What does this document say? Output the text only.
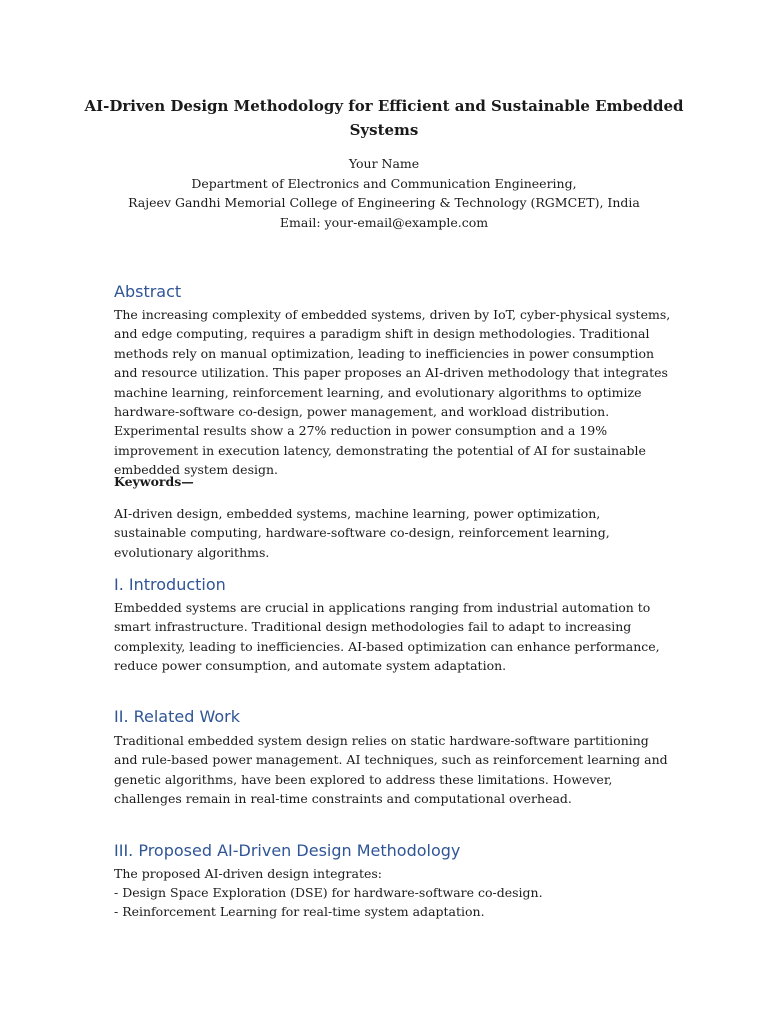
AI-Driven Design Methodology for Efficient and Sustainable Embedded Systems
Your Name
Department of Electronics and Communication Engineering,
Rajeev Gandhi Memorial College of Engineering & Technology (RGMCET), India
Email: your-email@example.com
Abstract

The increasing complexity of embedded systems, driven by IoT, cyber-physical systems, and edge computing, requires a paradigm shift in design methodologies. Traditional methods rely on manual optimization, leading to inefficiencies in power consumption and resource utilization. This paper proposes an AI-driven methodology that integrates machine learning, reinforcement learning, and evolutionary algorithms to optimize hardware-software co-design, power management, and workload distribution. Experimental results show a 27% reduction in power consumption and a 19% improvement in execution latency, demonstrating the potential of AI for sustainable embedded system design.

Keywords—

AI-driven design, embedded systems, machine learning, power optimization, sustainable computing, hardware-software co-design, reinforcement learning, evolutionary algorithms.

I. Introduction

Embedded systems are crucial in applications ranging from industrial automation to smart infrastructure. Traditional design methodologies fail to adapt to increasing complexity, leading to inefficiencies. AI-based optimization can enhance performance, reduce power consumption, and automate system adaptation.

II. Related Work

Traditional embedded system design relies on static hardware-software partitioning and rule-based power management. AI techniques, such as reinforcement learning and genetic algorithms, have been explored to address these limitations. However, challenges remain in real-time constraints and computational overhead.

III. Proposed AI-Driven Design Methodology

The proposed AI-driven design integrates:

- Design Space Exploration (DSE) for hardware-software co-design.
- Reinforcement Learning for real-time system adaptation.
